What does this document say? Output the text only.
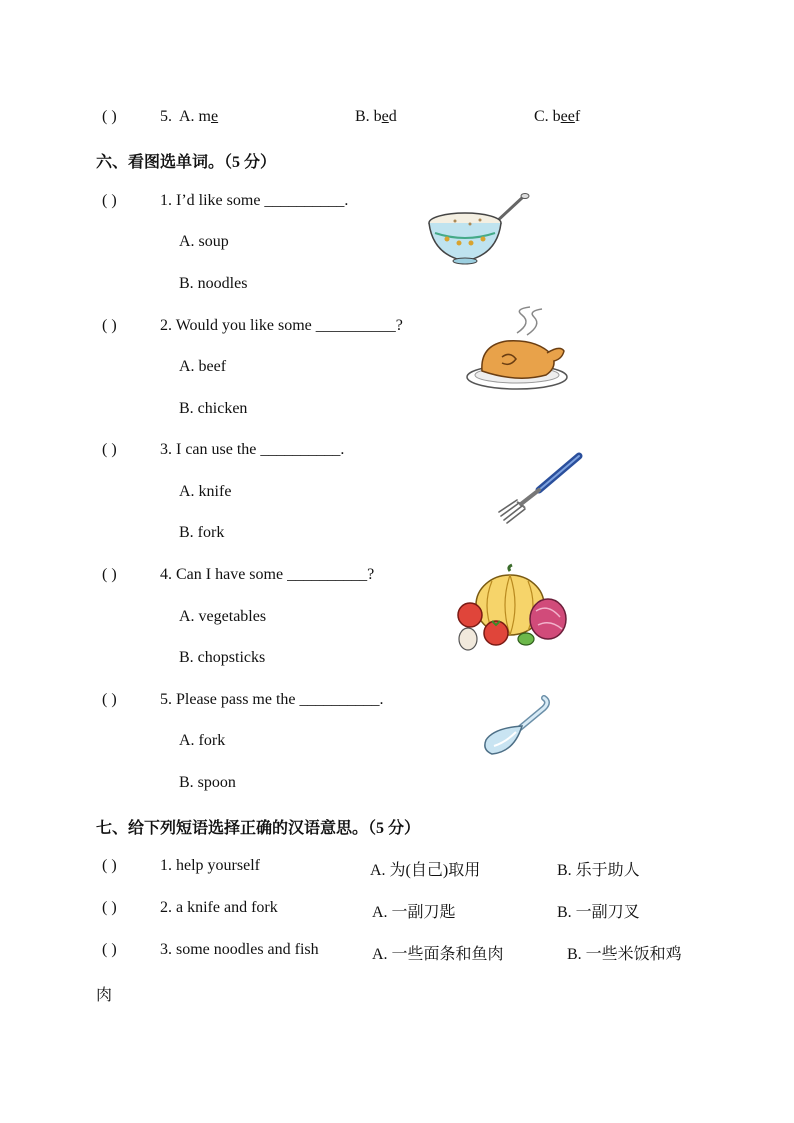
( )	5. A. me	B. bed	C. beef
六、看图选单词。（5 分）
( )	1. I’d like some __________.
A. soup
B. noodles
( )	2. Would you like some __________?
A. beef
B. chicken
( )	3. I can use the __________.
A. knife
B. fork
( )	4. Can I have some __________?
A. vegetables
B. chopsticks
( )	5. Please pass me the __________.
A. fork
B. spoon
七、给下列短语选择正确的汉语意思。（5 分）
( )	1. help yourself	A. 为(自己)取用	B. 乐于助人
( )	2. a knife and fork	A. 一副刀匙	B. 一副刀叉
( )	3. some noodles and fish	A. 一些面条和鱼肉	B. 一些米饭和鸡
肉
